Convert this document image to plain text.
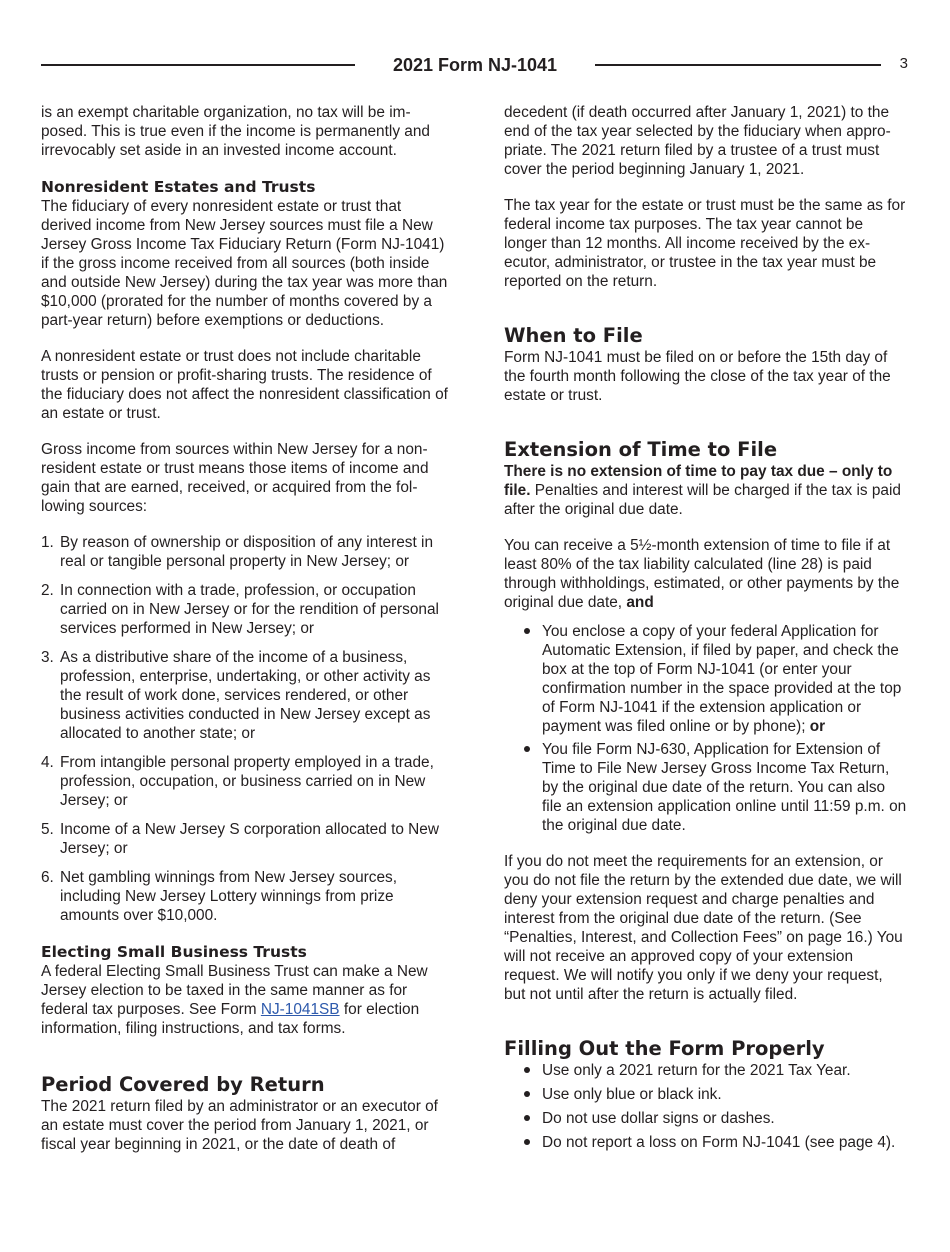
2021 Form NJ-1041	3

is an exempt charitable organization, no tax will be imposed. This is true even if the income is permanently and irrevocably set aside in an invested income account.

Nonresident Estates and Trusts

The fiduciary of every nonresident estate or trust that derived income from New Jersey sources must file a New Jersey Gross Income Tax Fiduciary Return (Form NJ-1041) if the gross income received from all sources (both inside and outside New Jersey) during the tax year was more than $10,000 (prorated for the number of months covered by a part-year return) before exemptions or deductions.

A nonresident estate or trust does not include charitable trusts or pension or profit-sharing trusts. The residence of the fiduciary does not affect the nonresident classification of an estate or trust.

Gross income from sources within New Jersey for a nonresident estate or trust means those items of income and gain that are earned, received, or acquired from the following sources:

1. By reason of ownership or disposition of any interest in real or tangible personal property in New Jersey; or
2. In connection with a trade, profession, or occupation carried on in New Jersey or for the rendition of personal services performed in New Jersey; or
3. As a distributive share of the income of a business, profession, enterprise, undertaking, or other activity as the result of work done, services rendered, or other business activities conducted in New Jersey except as allocated to another state; or
4. From intangible personal property employed in a trade, profession, occupation, or business carried on in New Jersey; or
5. Income of a New Jersey S corporation allocated to New Jersey; or
6. Net gambling winnings from New Jersey sources, including New Jersey Lottery winnings from prize amounts over $10,000.
Electing Small Business Trusts

A federal Electing Small Business Trust can make a New Jersey election to be taxed in the same manner as for federal tax purposes. See Form NJ-1041SB for election information, filing instructions, and tax forms.

Period Covered by Return

The 2021 return filed by an administrator or an executor of an estate must cover the period from January 1, 2021, or fiscal year beginning in 2021, or the date of death of

decedent (if death occurred after January 1, 2021) to the end of the tax year selected by the fiduciary when appropriate. The 2021 return filed by a trustee of a trust must cover the period beginning January 1, 2021.

The tax year for the estate or trust must be the same as for federal income tax purposes. The tax year cannot be longer than 12 months. All income received by the executor, administrator, or trustee in the tax year must be reported on the return.

When to File

Form NJ-1041 must be filed on or before the 15th day of the fourth month following the close of the tax year of the estate or trust.

Extension of Time to File

There is no extension of time to pay tax due – only to file. Penalties and interest will be charged if the tax is paid after the original due date.

You can receive a 5½-month extension of time to file if at least 80% of the tax liability calculated (line 28) is paid through withholdings, estimated, or other payments by the original due date, and

You enclose a copy of your federal Application for Automatic Extension, if filed by paper, and check the box at the top of Form NJ-1041 (or enter your confirmation number in the space provided at the top of Form NJ-1041 if the extension application or payment was filed online or by phone); or
You file Form NJ-630, Application for Extension of Time to File New Jersey Gross Income Tax Return, by the original due date of the return. You can also file an extension application online until 11:59 p.m. on the original due date.

If you do not meet the requirements for an extension, or you do not file the return by the extended due date, we will deny your extension request and charge penalties and interest from the original due date of the return. (See “Penalties, Interest, and Collection Fees” on page 16.) You will not receive an approved copy of your extension request. We will notify you only if we deny your request, but not until after the return is actually filed.

Filling Out the Form Properly
Use only a 2021 return for the 2021 Tax Year.
Use only blue or black ink.
Do not use dollar signs or dashes.
Do not report a loss on Form NJ-1041 (see page 4).
